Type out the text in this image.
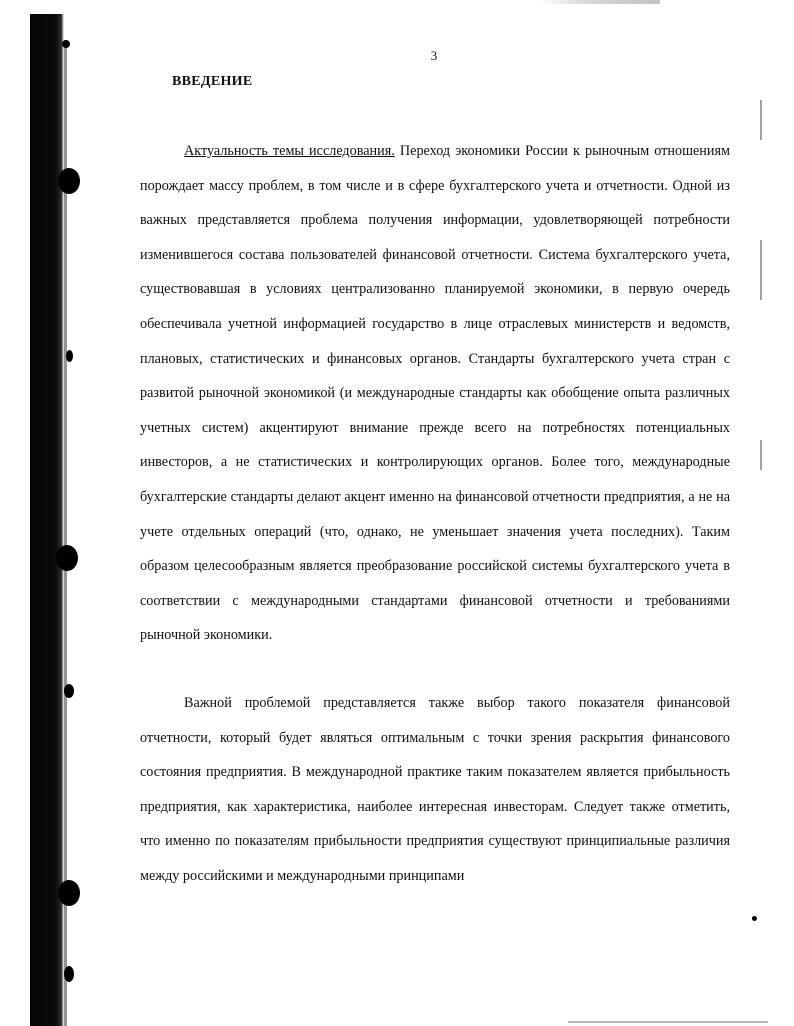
3
ВВЕДЕНИЕ

Актуальность темы исследования. Переход экономики России к рыночным отношениям порождает массу проблем, в том числе и в сфере бухгалтерского учета и отчетности. Одной из важных представляется проблема получения информации, удовлетворяющей потребности изменившегося состава пользователей финансовой отчетности. Система бухгалтерского учета, существовавшая в условиях централизованно планируемой экономики, в первую очередь обеспечивала учетной информацией государство в лице отраслевых министерств и ведомств, плановых, статистических и финансовых органов. Стандарты бухгалтерского учета стран с развитой рыночной экономикой (и международные стандарты как обобщение опыта различных учетных систем) акцентируют внимание прежде всего на потребностях потенциальных инвесторов, а не статистических и контролирующих органов. Более того, международные бухгалтерские стандарты делают акцент именно на финансовой отчетности предприятия, а не на учете отдельных операций (что, однако, не уменьшает значения учета последних). Таким образом целесообразным является преобразование российской системы бухгалтерского учета в соответствии с международными стандартами финансовой отчетности и требованиями рыночной экономики.

Важной проблемой представляется также выбор такого показателя финансовой отчетности, который будет являться оптимальным с точки зрения раскрытия финансового состояния предприятия. В международной практике таким показателем является прибыльность предприятия, как характеристика, наиболее интересная инвесторам. Следует также отметить, что именно по показателям прибыльности предприятия существуют принципиальные различия между российскими и международными принципами
